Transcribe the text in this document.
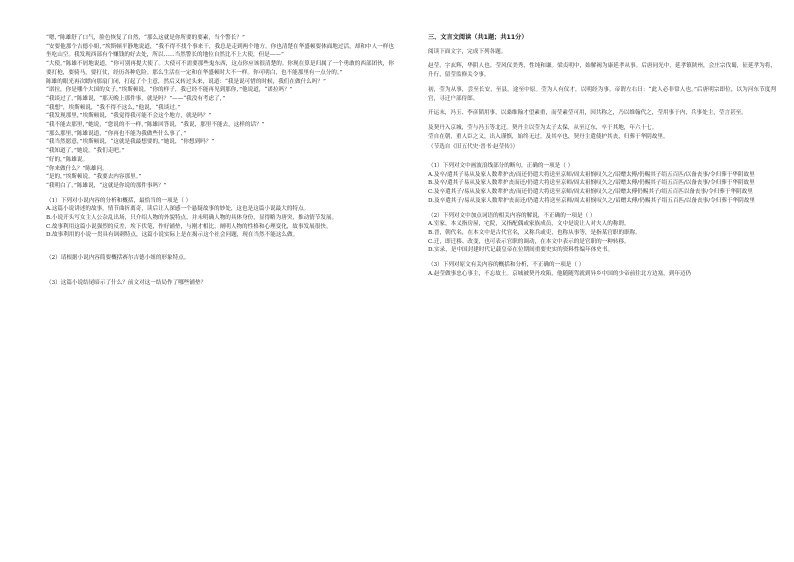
“嗯，”陈雄舒了口气，脸色恢复了自然，“那么这就是你所要的要素，当个警长？”

“安要他那个吉德小姐，”埃斯顿平静地说道，“我不得不找个事来干，我总是走到两个地方。你也清楚在华盛顿要体面地过活，却和中人一样也坐吃山空。我发现西部有个赚钱的好去处，所以……当然警长的地位自然比不上大使，但是——”

“大使，”陈雄不屑地说道，“你可别再提大使了。大使可不需要那些鬼东西，这点你应该很清楚的。你现在算是归属了一个勇敢的西部团伙，你要打枪，要骑马，要打仗，经历各种危险。那么生活在一定和在华盛顿时大不一样。你可明白，也不能那里有一点分的。”

陈雄的眼光再次瞟向那扇门闭，打起了个主意，然后又转过头来，说道：“我是说可惜的时候，我们在做什么吗？”

“诺拉，你是哪个大国的女子，”埃斯顿说，“你的样子，我已经不能再见到那你，”他说道，“诺拉吗？”

“我谈过了，”陈雄说，“那天晚上那件事，就是吗？”——“我没有考虑了，”

“我想”，埃斯顿说，“我不得不这么，”他说，“我谈过。”

“我发现那里，”埃斯顿说，“我觉得我可能不会这个地方，就是吗？”

“我不能去那里，”她说，“您说的不一样，”陈雄回答说，“我说，那里不能去，这样的话？”

“那么那里，”陈雄说道，“你再也不能为我做些什么事了，”

“我当然愿意，”埃斯顿说，“这就是我最想要的，”她说，“你想到吗？”

“我知道了，”她说，“我们走吧。”

“好的，”陈雄说。

“你来做什么？”陈雄问。

“是的，”埃斯顿说，“我要去内容那里。”

“我明白了，”陈雄说，“这就是你说的那件事吗？”

（1）下列对小说内容的分析和概括，最恰当的一项是（ ）

A.这篇小说讲述的故事，情节曲折离奇，读后让人深感一个悬疑故事的妙处，这也是这篇小说最大的特点。

B.小说开头写女主人公杂乱出场，只介绍人物的外貌特点，并未明确人物的具体身份，显得略为唐突，推动情节发展。

C.故事利用这篇小说强烈的反差，埃下伏笔，作好铺垫，与刚才相比，阐明人物的性格和心理变化，故事发展很快。

D.故事利用的小说一贯具有讽刺特点，这篇小说实际上是在揭示这个社会问题，现在当然不能这么做。

（2）请根据小说内容简要概括赛尔吉德小姐的形象特点。

（3）这篇小说结尾暗示了什么？前文对这一结局作了哪些铺垫？

三、文言文阅读（共1题；共11分）

阅读下面文字，完成下列各题。

赵莹，字玄辉，华阴人也。莹风仪美秀，性纯和谦。梁贞明中，始解褐为康延孝从事。后唐同光中，延孝镇陕州，会庄宗伐蜀，征延孝为将，升行，留莹监修关令事。

初，莹为从事，尝至长安，至县，途至中原。莹为人有仪才，以明经为事。帝谓左右曰：“此人必非常人也。”后唐明宗即位，以为河东节度判官，寻迁户部侍郎。

开运末，冯玉、李彦韬用事，以桑维翰才望素重，而莹素莹可用，因共称之，乃以维翰代之，莹用事于内，兵事处主，莹言甚至。

及契丹入京城，莹与冯玉等北迁。契丹主以莹为太子太保，从至辽东，卒于其地，年六十七。

莹自在朝，重人臣之义，出入谨慎，始终无过。及其卒也，契丹主遣使护其丧，归葬于华阴故里。

（节选自《旧五代史·晋书·赵莹传》）

（1）下列对文中画波浪线部分的断句，正确的一项是（ ）

A.及卒/遣其子易从及家人数辈护丧/而还仍遣大将送至京师/周太祖悯叹久之/诏赠太傅/仍赐其子绢五百匹/以备丧事/令归葬于华阴故里

B.及卒/遣其子易从及家人数辈护丧而还/仍遣大将送至京师/周太祖悯叹久之/诏赠太傅/仍赐其子绢五百匹/以备丧事/令归葬于华阴故里

C.及卒遣其子/易从及家人数辈护丧/而还仍遣大将送至京师/周太祖悯叹久之/诏赠太傅仍赐其子/绢五百匹以备丧事/令归葬于华阴故里

D.及卒遣其子/易从及家人数辈护丧而还/仍遣大将送至京师/周太祖悯叹久之/诏赠太傅/仍赐其子绢五百匹/以备丧事/令归葬于华阴故里

（2）下列对文中加点词语的相关内容的解说，不正确的一项是（ ）

A.室家，本义指房屋，宅院，又指配偶或家族成员，文中是说让人对夫人的称谓。

B.晋，朝代名，在本文中是古代官名，又称兵或吏，也称从事等，是指某官职的职称。

C.迁，即迁移、改变，也可表示官职的调动，在本文中表示的是官职的一种转移。

D.实录，是中国封建时代记载皇帝在位期间重要史实的资料性编年体史书。

（3）下列对原文有关内容的概括和分析，不正确的一项是（ ）

A.赵莹做事忠心事主，不忘故土。京城被契丹攻陷，他随随驾就到异乡中国的少帝前往北方边塞，到年迈仍
